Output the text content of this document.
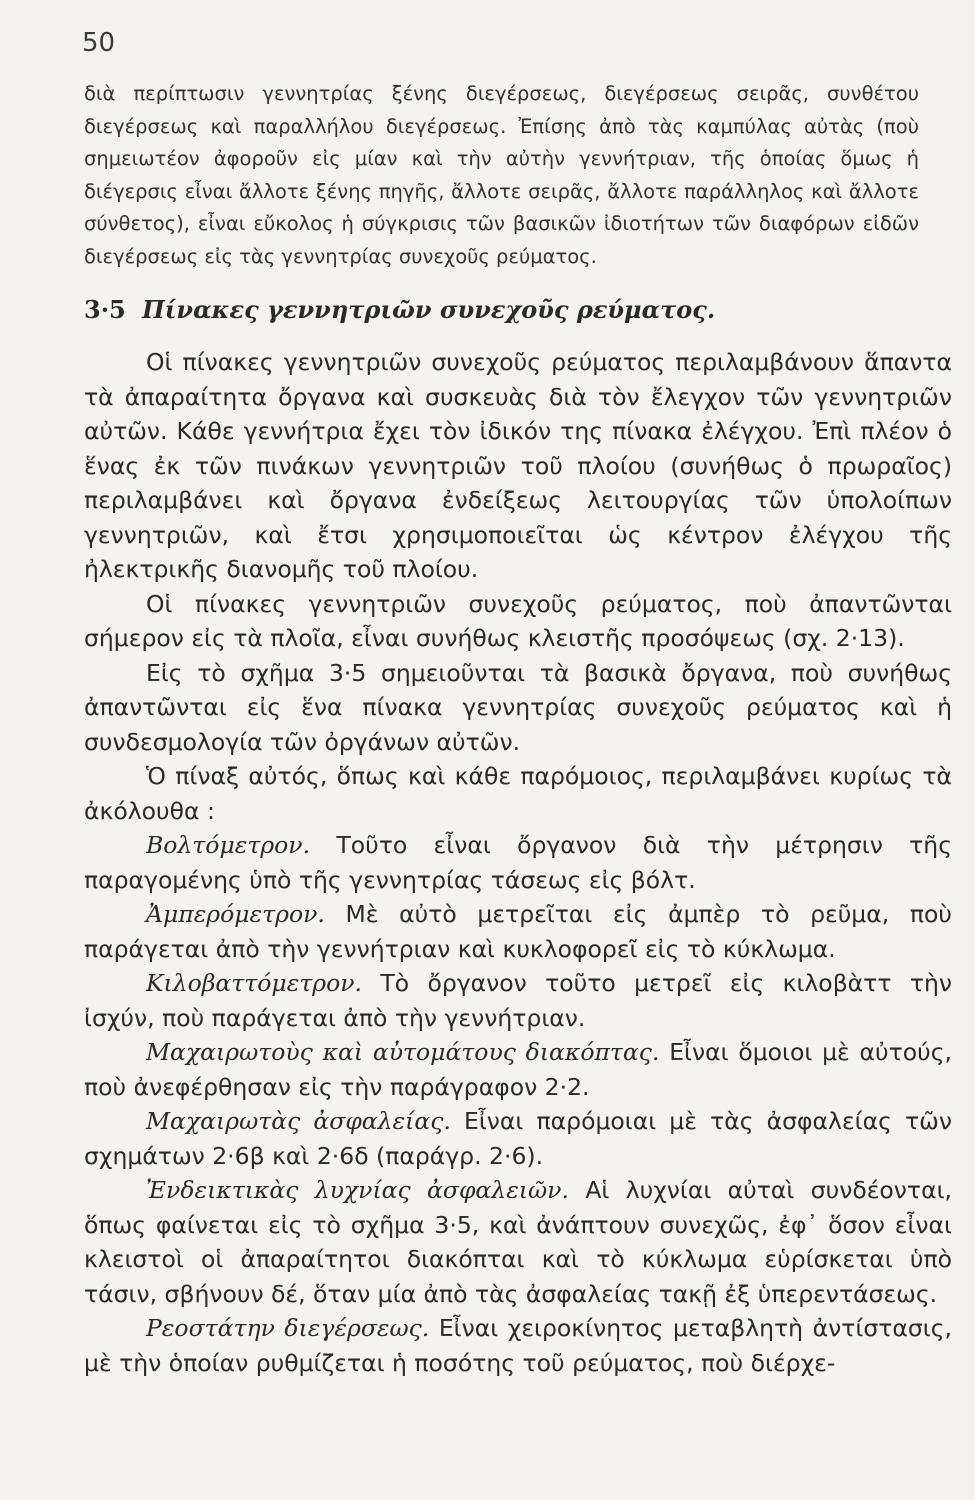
50
διὰ περίπτωσιν γεννητρίας ξένης διεγέρσεως, διεγέρσεως σειρᾶς, συνθέτου διεγέρσεως καὶ παραλλήλου διεγέρσεως. Ἐπίσης ἀπὸ τὰς καμπύλας αὐτὰς (ποὺ σημειωτέον ἀφοροῦν εἰς μίαν καὶ τὴν αὐτὴν γεννήτριαν, τῆς ὁποίας ὅμως ἡ διέγερσις εἶναι ἄλλοτε ξένης πηγῆς, ἄλλοτε σειρᾶς, ἄλλοτε παράλληλος καὶ ἄλλοτε σύνθετος), εἶναι εὔκολος ἡ σύγκρισις τῶν βασικῶν ἰδιοτήτων τῶν διαφόρων εἰδῶν διεγέρσεως εἰς τὰς γεννητρίας συνεχοῦς ρεύματος.
3·5 Πίνακες γεννητριῶν συνεχοῦς ρεύματος.

Οἱ πίνακες γεννητριῶν συνεχοῦς ρεύματος περιλαμβάνουν ἅπαντα τὰ ἀπαραίτητα ὄργανα καὶ συσκευὰς διὰ τὸν ἔλεγχον τῶν γεννητριῶν αὐτῶν. Κάθε γεννήτρια ἔχει τὸν ἰδικόν της πίνακα ἐλέγχου. Ἐπὶ πλέον ὁ ἕνας ἐκ τῶν πινάκων γεννητριῶν τοῦ πλοίου (συνήθως ὁ πρωραῖος) περιλαμβάνει καὶ ὄργανα ἐνδείξεως λειτουργίας τῶν ὑπολοίπων γεννητριῶν, καὶ ἔτσι χρησιμοποιεῖται ὡς κέντρον ἐλέγχου τῆς ἠλεκτρικῆς διανομῆς τοῦ πλοίου.

Οἱ πίνακες γεννητριῶν συνεχοῦς ρεύματος, ποὺ ἀπαντῶνται σήμερον εἰς τὰ πλοῖα, εἶναι συνήθως κλειστῆς προσόψεως (σχ. 2·13).

Εἰς τὸ σχῆμα 3·5 σημειοῦνται τὰ βασικὰ ὄργανα, ποὺ συνήθως ἀπαντῶνται εἰς ἕνα πίνακα γεννητρίας συνεχοῦς ρεύματος καὶ ἡ συνδεσμολογία τῶν ὀργάνων αὐτῶν.

Ὁ πίναξ αὐτός, ὅπως καὶ κάθε παρόμοιος, περιλαμβάνει κυρίως τὰ ἀκόλουθα :

Βολτόμετρον. Τοῦτο εἶναι ὄργανον διὰ τὴν μέτρησιν τῆς παραγομένης ὑπὸ τῆς γεννητρίας τάσεως εἰς βόλτ.

Ἀμπερόμετρον. Μὲ αὐτὸ μετρεῖται εἰς ἀμπὲρ τὸ ρεῦμα, ποὺ παράγεται ἀπὸ τὴν γεννήτριαν καὶ κυκλοφορεῖ εἰς τὸ κύκλωμα.

Κιλοβαττόμετρον. Τὸ ὄργανον τοῦτο μετρεῖ εἰς κιλοβὰττ τὴν ἰσχύν, ποὺ παράγεται ἀπὸ τὴν γεννήτριαν.

Μαχαιρωτοὺς καὶ αὐτομάτους διακόπτας. Εἶναι ὅμοιοι μὲ αὐτούς, ποὺ ἀνεφέρθησαν εἰς τὴν παράγραφον 2·2.

Μαχαιρωτὰς ἀσφαλείας. Εἶναι παρόμοιαι μὲ τὰς ἀσφαλείας τῶν σχημάτων 2·6β καὶ 2·6δ (παράγρ. 2·6).

Ἐνδεικτικὰς λυχνίας ἀσφαλειῶν. Αἱ λυχνίαι αὐταὶ συνδέονται, ὅπως φαίνεται εἰς τὸ σχῆμα 3·5, καὶ ἀνάπτουν συνεχῶς, ἐφ᾽ ὅσον εἶναι κλειστοὶ οἱ ἀπαραίτητοι διακόπται καὶ τὸ κύκλωμα εὑρίσκεται ὑπὸ τάσιν, σβήνουν δέ, ὅταν μία ἀπὸ τὰς ἀσφαλείας τακῇ ἐξ ὑπερεντάσεως.

Ρεοστάτην διεγέρσεως. Εἶναι χειροκίνητος μεταβλητὴ ἀντίστασις, μὲ τὴν ὁποίαν ρυθμίζεται ἡ ποσότης τοῦ ρεύματος, ποὺ διέρχε-
